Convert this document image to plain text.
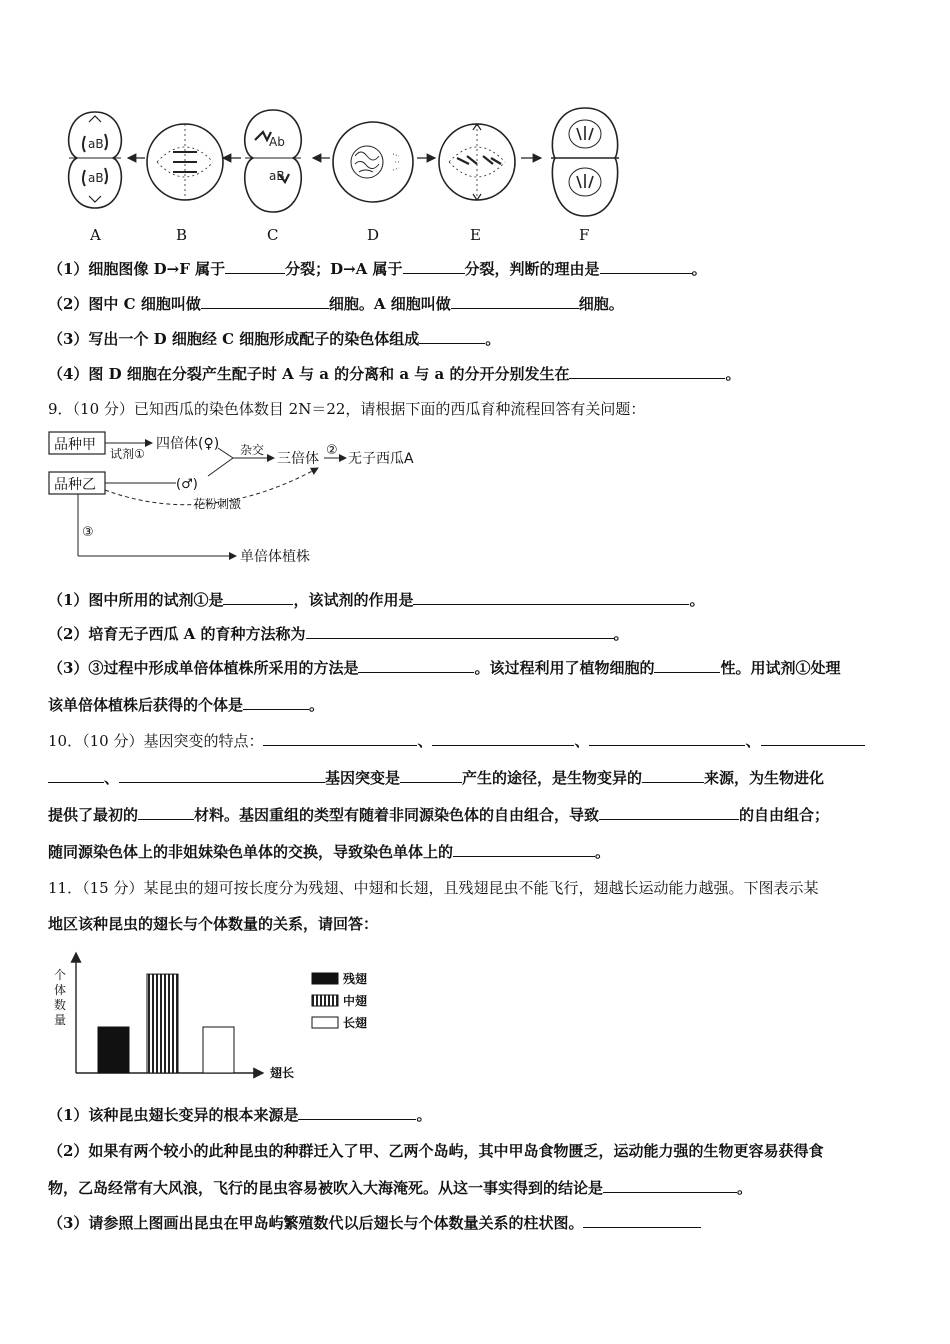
aB
aB
Ab
aB
A	B	C	D	E	F
（1）细胞图像 D→F 属于	分裂；D→A 属于	分裂，判断的理由是	。
（2）图中 C 细胞叫做	细胞。A 细胞叫做	细胞。
（3）写出一个 D 细胞经 C 细胞形成配子的染色体组成	。
（4）图 D 细胞在分裂产生配子时 A 与 a 的分离和 a 与 a 的分开分别发生在	。
9．（10 分）已知西瓜的染色体数目 2N＝22，请根据下面的西瓜育种流程回答有关问题：
品种甲
品种乙
试剂①
四倍体(♀)
(♂)
杂交
三倍体
②
无子西瓜A
花粉刺激
③
单倍体植株
（1）图中所用的试剂①是	，该试剂的作用是	。
（2）培育无子西瓜 A 的育种方法称为	。
（3）③过程中形成单倍体植株所采用的方法是	。该过程利用了植物细胞的	性。用试剂①处理
该单倍体植株后获得的个体是	。
10．（10 分）基因突变的特点：	、	、	、
、	基因突变是	产生的途径，是生物变异的	来源，为生物进化
提供了最初的	材料。基因重组的类型有随着非同源染色体的自由组合，导致	的自由组合；
随同源染色体上的非姐妹染色单体的交换，导致染色单体上的	。
11．（15 分）某昆虫的翅可按长度分为残翅、中翅和长翅，且残翅昆虫不能飞行，翅越长运动能力越强。下图表示某
地区该种昆虫的翅长与个体数量的关系，请回答：
个
体
数
量
翅长
残翅
中翅
长翅
（1）该种昆虫翅长变异的根本来源是	。
（2）如果有两个较小的此种昆虫的种群迁入了甲、乙两个岛屿，其中甲岛食物匮乏，运动能力强的生物更容易获得食
物，乙岛经常有大风浪，飞行的昆虫容易被吹入大海淹死。从这一事实得到的结论是	。
（3）请参照上图画出昆虫在甲岛屿繁殖数代以后翅长与个体数量关系的柱状图。
